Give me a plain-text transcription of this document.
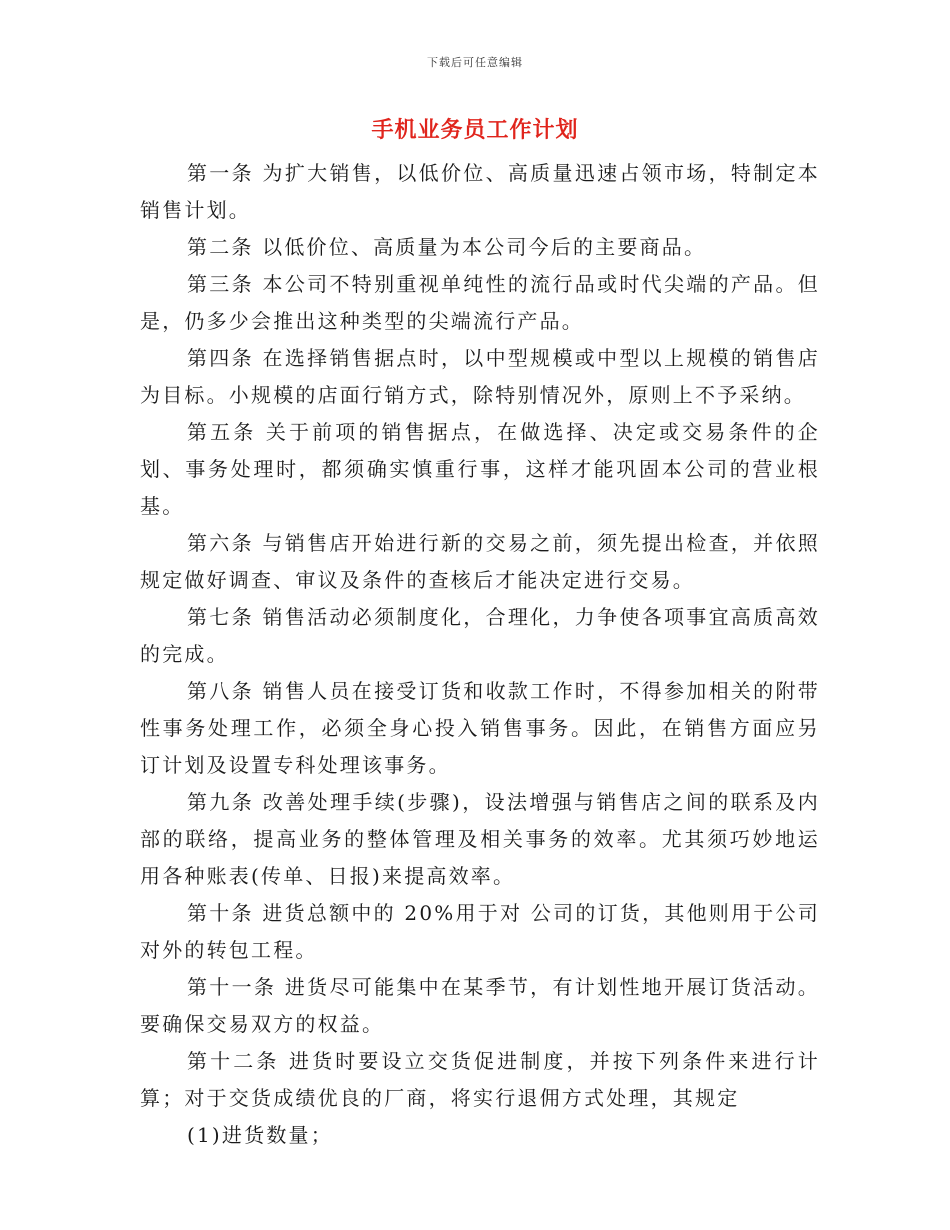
下载后可任意编辑
手机业务员工作计划

第一条 为扩大销售，以低价位、高质量迅速占领市场，特制定本销售计划。

第二条 以低价位、高质量为本公司今后的主要商品。

第三条 本公司不特别重视单纯性的流行品或时代尖端的产品。但是，仍多少会推出这种类型的尖端流行产品。

第四条 在选择销售据点时，以中型规模或中型以上规模的销售店为目标。小规模的店面行销方式，除特别情况外，原则上不予采纳。

第五条 关于前项的销售据点，在做选择、决定或交易条件的企划、事务处理时，都须确实慎重行事，这样才能巩固本公司的营业根基。

第六条 与销售店开始进行新的交易之前，须先提出检查，并依照规定做好调查、审议及条件的查核后才能决定进行交易。

第七条 销售活动必须制度化，合理化，力争使各项事宜高质高效的完成。

第八条 销售人员在接受订货和收款工作时，不得参加相关的附带性事务处理工作，必须全身心投入销售事务。因此，在销售方面应另订计划及设置专科处理该事务。

第九条 改善处理手续(步骤)，设法增强与销售店之间的联系及内部的联络，提高业务的整体管理及相关事务的效率。尤其须巧妙地运用各种账表(传单、日报)来提高效率。

第十条 进货总额中的 20%用于对 公司的订货，其他则用于公司对外的转包工程。

第十一条 进货尽可能集中在某季节，有计划性地开展订货活动。要确保交易双方的权益。

第十二条 进货时要设立交货促进制度，并按下列条件来进行计算；对于交货成绩优良的厂商，将实行退佣方式处理，其规定

(1)进货数量；
